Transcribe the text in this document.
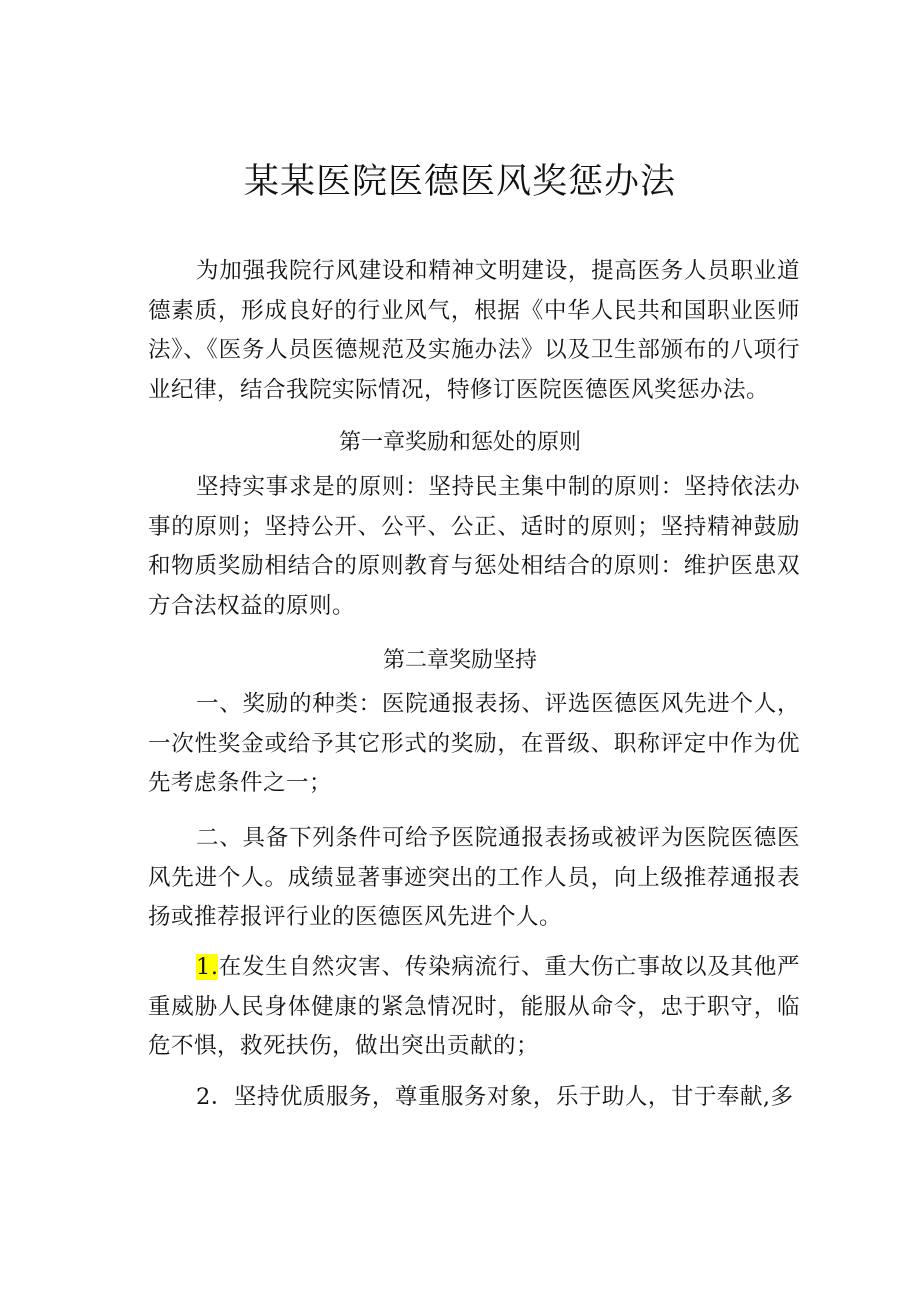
某某医院医德医风奖惩办法

为加强我院行风建设和精神文明建设，提高医务人员职业道德素质，形成良好的行业风气，根据《中华人民共和国职业医师法》、《医务人员医德规范及实施办法》以及卫生部颁布的八项行业纪律，结合我院实际情况，特修订医院医德医风奖惩办法。

第一章奖励和惩处的原则

坚持实事求是的原则：坚持民主集中制的原则：坚持依法办事的原则；坚持公开、公平、公正、适时的原则；坚持精神鼓励和物质奖励相结合的原则教育与惩处相结合的原则：维护医患双方合法权益的原则。

第二章奖励坚持

一、奖励的种类：医院通报表扬、评选医德医风先进个人，一次性奖金或给予其它形式的奖励，在晋级、职称评定中作为优先考虑条件之一；

二、具备下列条件可给予医院通报表扬或被评为医院医德医风先进个人。成绩显著事迹突出的工作人员，向上级推荐通报表扬或推荐报评行业的医德医风先进个人。

1.在发生自然灾害、传染病流行、重大伤亡事故以及其他严重威胁人民身体健康的紧急情况时，能服从命令，忠于职守，临危不惧，救死扶伤，做出突出贡献的；

2．坚持优质服务，尊重服务对象，乐于助人，甘于奉献,多
